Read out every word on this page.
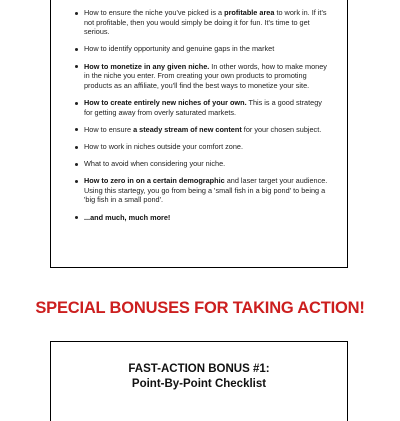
How to ensure the niche you've picked is a profitable area to work in. If it's not profitable, then you would simply be doing it for fun. It's time to get serious.
How to identify opportunity and genuine gaps in the market
How to monetize in any given niche. In other words, how to make money in the niche you enter. From creating your own products to promoting products as an affiliate, you'll find the best ways to monetize your site.
How to create entirely new niches of your own. This is a good strategy for getting away from overly saturated markets.
How to ensure a steady stream of new content for your chosen subject.
How to work in niches outside your comfort zone.
What to avoid when considering your niche.
How to zero in on a certain demographic and laser target your audience. Using this startegy, you go from being a 'small fish in a big pond' to being a 'big fish in a small pond'.
...and much, much more!
SPECIAL BONUSES FOR TAKING ACTION!
FAST-ACTION BONUS #1:
Point-By-Point Checklist
